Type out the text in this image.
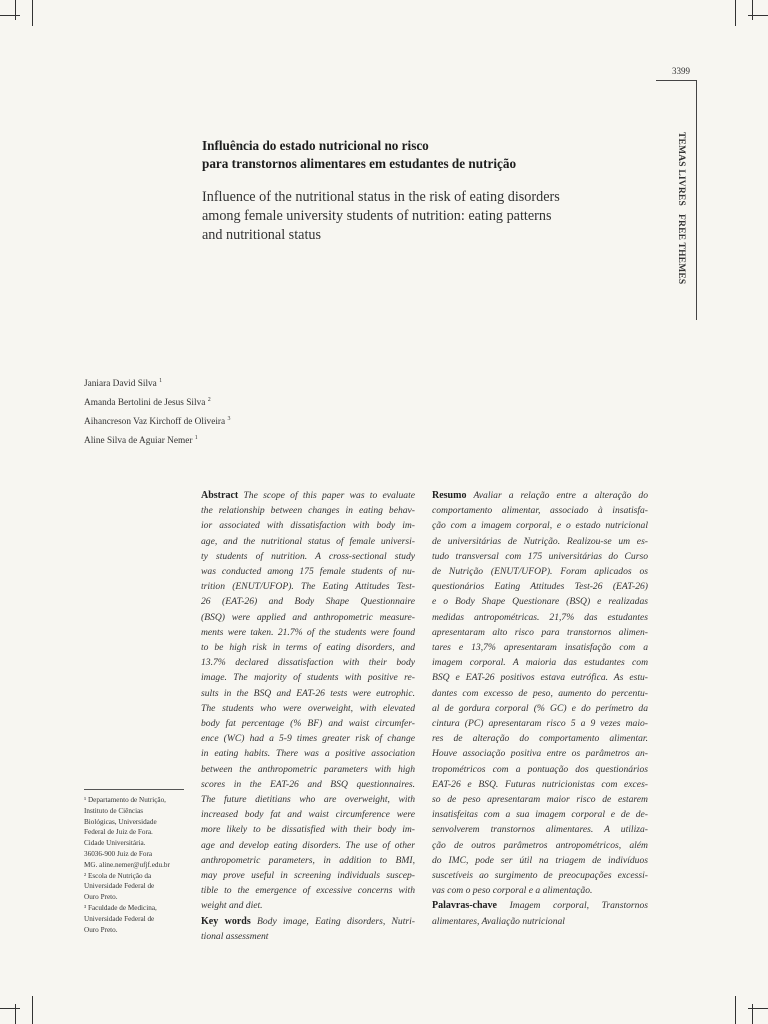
3399
TEMAS LIVRES FREE THEMES
Influência do estado nutricional no risco
para transtornos alimentares em estudantes de nutrição
Influence of the nutritional status in the risk of eating disorders
among female university students of nutrition: eating patterns
and nutritional status
Janiara David Silva $^1$
Amanda Bertolini de Jesus Silva $^2$
Aihancreson Vaz Kirchoff de Oliveira $^3$
Aline Silva de Aguiar Nemer $^1$
Abstract The scope of this paper was to evaluate
the relationship between changes in eating behav-
ior associated with dissatisfaction with body im-
age, and the nutritional status of female universi-
ty students of nutrition. A cross-sectional study
was conducted among 175 female students of nu-
trition (ENUT/UFOP). The Eating Attitudes Test-
26 (EAT-26) and Body Shape Questionnaire
(BSQ) were applied and anthropometric measure-
ments were taken. 21.7% of the students were found
to be high risk in terms of eating disorders, and
13.7% declared dissatisfaction with their body
image. The majority of students with positive re-
sults in the BSQ and EAT-26 tests were eutrophic.
The students who were overweight, with elevated
body fat percentage (% BF) and waist circumfer-
ence (WC) had a 5-9 times greater risk of change
in eating habits. There was a positive association
between the anthropometric parameters with high
scores in the EAT-26 and BSQ questionnaires.
The future dietitians who are overweight, with
increased body fat and waist circumference were
more likely to be dissatisfied with their body im-
age and develop eating disorders. The use of other
anthropometric parameters, in addition to BMI,
may prove useful in screening individuals suscep-
tible to the emergence of excessive concerns with
weight and diet.
Key words Body image, Eating disorders, Nutri-
tional assessment
Resumo Avaliar a relação entre a alteração do
comportamento alimentar, associado à insatisfa-
ção com a imagem corporal, e o estado nutricional
de universitárias de Nutrição. Realizou-se um es-
tudo transversal com 175 universitárias do Curso
de Nutrição (ENUT/UFOP). Foram aplicados os
questionários Eating Attitudes Test-26 (EAT-26)
e o Body Shape Questionare (BSQ) e realizadas
medidas antropométricas. 21,7% das estudantes
apresentaram alto risco para transtornos alimen-
tares e 13,7% apresentaram insatisfação com a
imagem corporal. A maioria das estudantes com
BSQ e EAT-26 positivos estava eutrófica. As estu-
dantes com excesso de peso, aumento do percentu-
al de gordura corporal (% GC) e do perímetro da
cintura (PC) apresentaram risco 5 a 9 vezes maio-
res de alteração do comportamento alimentar.
Houve associação positiva entre os parâmetros an-
tropométricos com a pontuação dos questionários
EAT-26 e BSQ. Futuras nutricionistas com exces-
so de peso apresentaram maior risco de estarem
insatisfeitas com a sua imagem corporal e de de-
senvolverem transtornos alimentares. A utiliza-
ção de outros parâmetros antropométricos, além
do IMC, pode ser útil na triagem de indivíduos
suscetíveis ao surgimento de preocupações excessi-
vas com o peso corporal e a alimentação.
Palavras-chave Imagem corporal, Transtornos
alimentares, Avaliação nutricional
¹ Departamento de Nutrição,
Instituto de Ciências
Biológicas, Universidade
Federal de Juiz de Fora.
Cidade Universitária.
36036-900 Juiz de Fora
MG. aline.nemer@ufjf.edu.br
² Escola de Nutrição da
Universidade Federal de
Ouro Preto.
³ Faculdade de Medicina,
Universidade Federal de
Ouro Preto.
